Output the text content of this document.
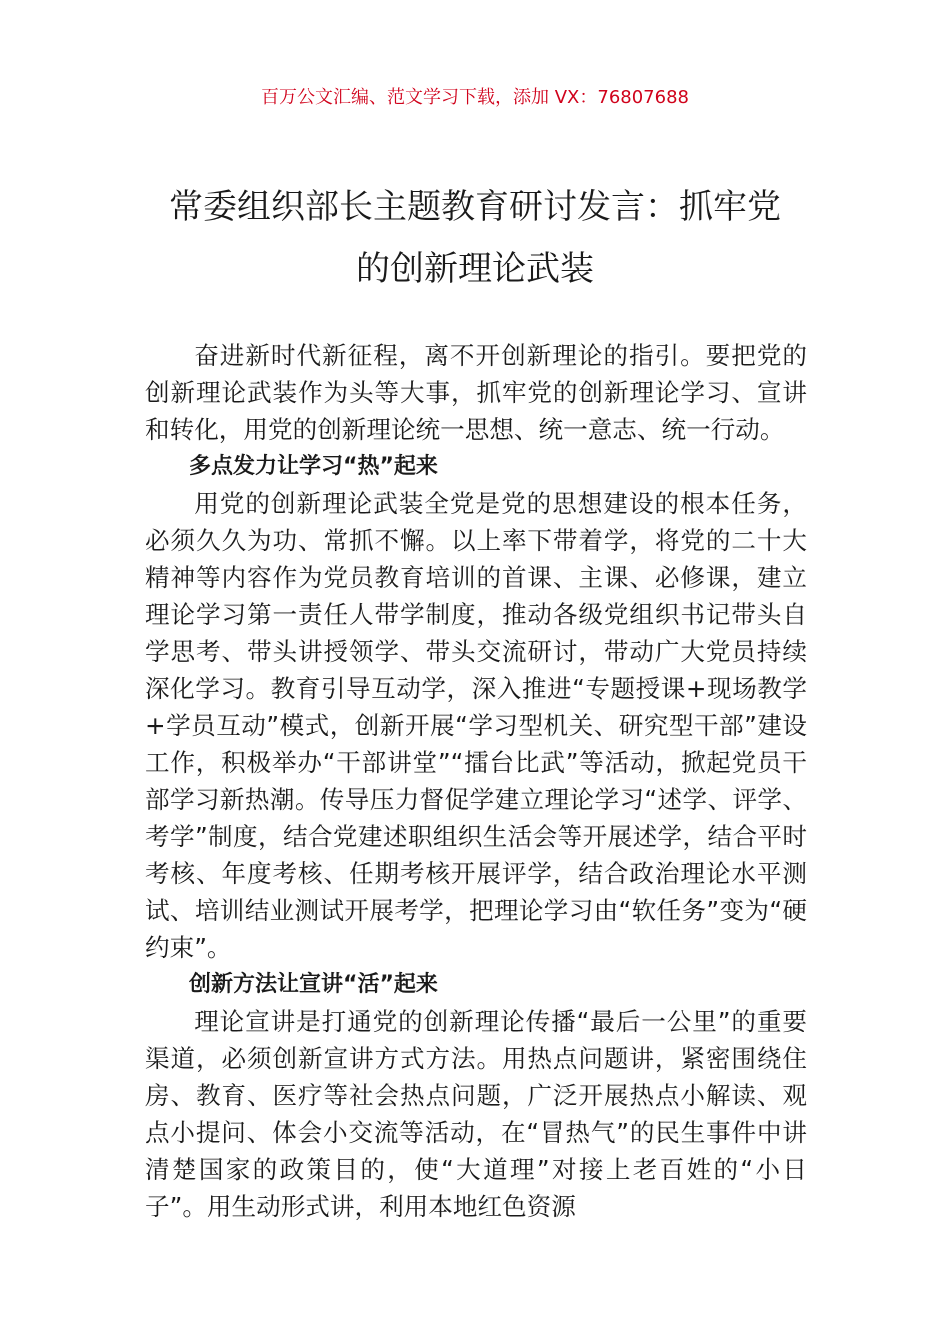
百万公文汇编、范文学习下载，添加 VX：76807688
常委组织部长主题教育研讨发言：抓牢党
的创新理论武装

奋进新时代新征程，离不开创新理论的指引。要把党的创新理论武装作为头等大事，抓牢党的创新理论学习、宣讲和转化，用党的创新理论统一思想、统一意志、统一行动。

多点发力让学习“热”起来

用党的创新理论武装全党是党的思想建设的根本任务，必须久久为功、常抓不懈。以上率下带着学，将党的二十大精神等内容作为党员教育培训的首课、主课、必修课，建立理论学习第一责任人带学制度，推动各级党组织书记带头自学思考、带头讲授领学、带头交流研讨，带动广大党员持续深化学习。教育引导互动学，深入推进“专题授课+现场教学+学员互动”模式，创新开展“学习型机关、研究型干部”建设工作，积极举办“干部讲堂”“擂台比武”等活动，掀起党员干部学习新热潮。传导压力督促学建立理论学习“述学、评学、考学”制度，结合党建述职组织生活会等开展述学，结合平时考核、年度考核、任期考核开展评学，结合政治理论水平测试、培训结业测试开展考学，把理论学习由“软任务”变为“硬约束”。

创新方法让宣讲“活”起来

理论宣讲是打通党的创新理论传播“最后一公里”的重要渠道，必须创新宣讲方式方法。用热点问题讲，紧密围绕住房、教育、医疗等社会热点问题，广泛开展热点小解读、观点小提问、体会小交流等活动，在“冒热气”的民生事件中讲清楚国家的政策目的，使“大道理”对接上老百姓的“小日子”。用生动形式讲，利用本地红色资源
